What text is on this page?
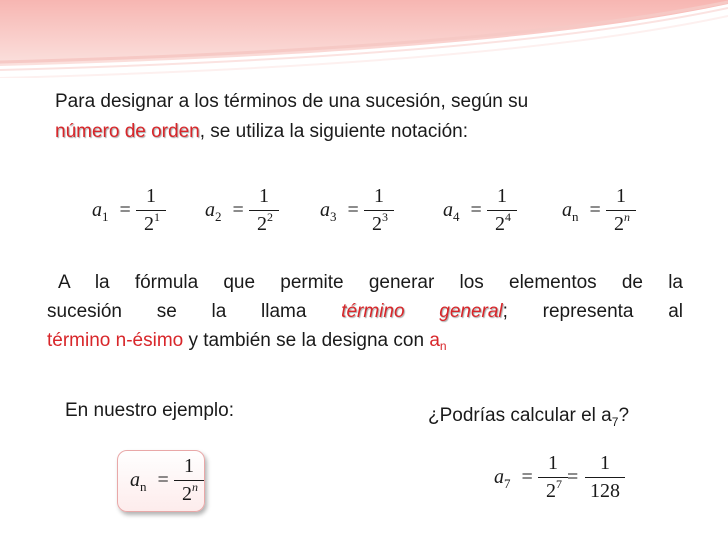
Para designar a los términos de una sucesión, según su

número de orden, se utiliza la siguiente notación:

$a_1$ =
1
$2^1$	$a_2$ =
1
$2^2$	$a_3$ =
1
$2^3$	$a_4$ =
1
$2^4$	$a_n$ =
1
2$^n$

A la fórmula que permite generar los elementos de la

sucesión se la llama término general; representa al

término n-ésimo y también se la designa con $a_n$

En nuestro ejemplo:	¿Podrías calcular el $a_7$?

$a_n$ =
1
2$^n$	$a_7$ =
1
$2^7$ =
1
128
